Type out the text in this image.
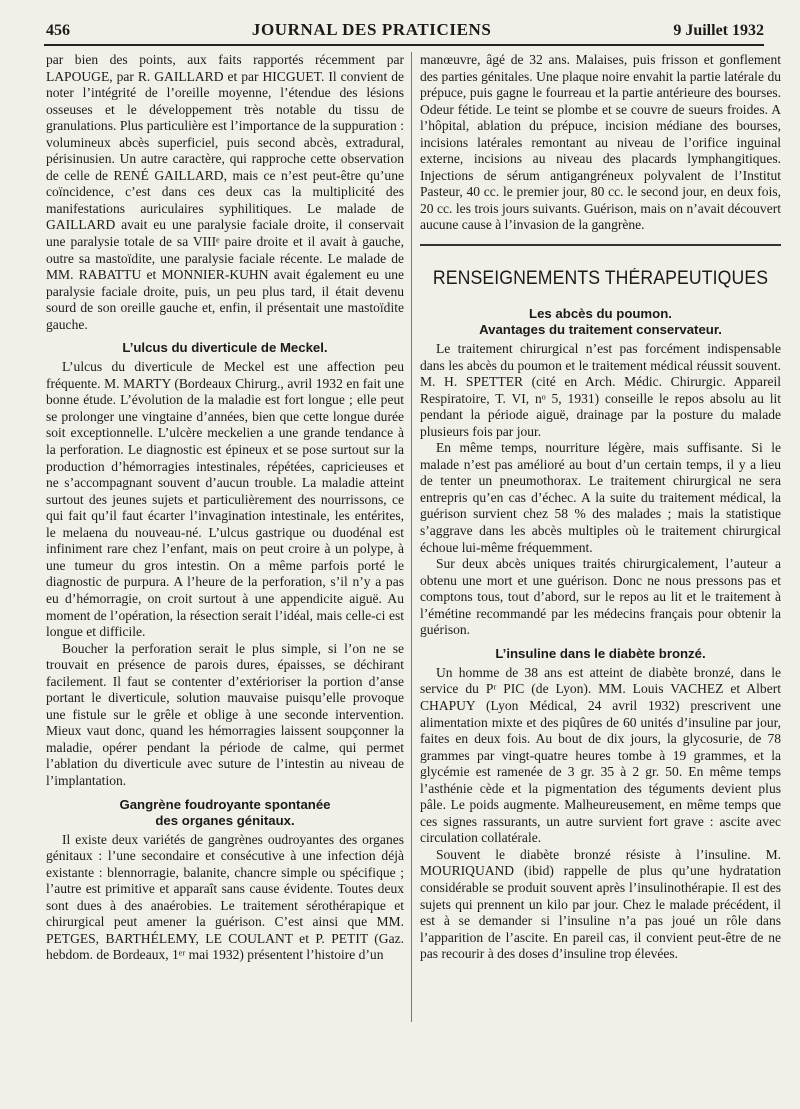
456	JOURNAL DES PRATICIENS	9 Juillet 1932

par bien des points, aux faits rapportés récemment par LAPOUGE, par R. GAILLARD et par HICGUET. Il convient de noter l’intégrité de l’oreille moyenne, l’étendue des lésions osseuses et le développement très notable du tissu de granulations. Plus particulière est l’importance de la suppuration : volumineux abcès superficiel, puis second abcès, extradural, périsinusien. Un autre caractère, qui rapproche cette observation de celle de RENÉ GAILLARD, mais ce n’est peut-être qu’une coïncidence, c’est dans ces deux cas la multiplicité des manifestations auriculaires syphilitiques. Le malade de GAILLARD avait eu une paralysie faciale droite, il conservait une paralysie totale de sa VIIIᵉ paire droite et il avait à gauche, outre sa mastoïdite, une paralysie faciale récente. Le malade de MM. RABATTU et MONNIER-KUHN avait également eu une paralysie faciale droite, puis, un peu plus tard, il était devenu sourd de son oreille gauche et, enfin, il présentait une mastoïdite gauche.

L’ulcus du diverticule de Meckel.

L’ulcus du diverticule de Meckel est une affection peu fréquente. M. MARTY (Bordeaux Chirurg., avril 1932 en fait une bonne étude. L’évolution de la maladie est fort longue ; elle peut se prolonger une vingtaine d’années, bien que cette longue durée soit exceptionnelle. L’ulcère meckelien a une grande tendance à la perforation. Le diagnostic est épineux et se pose surtout sur la production d’hémorragies intestinales, répétées, capricieuses et ne s’accompagnant souvent d’aucun trouble. La maladie atteint surtout des jeunes sujets et particulièrement des nourrissons, ce qui fait qu’il faut écarter l’invagination intestinale, les entérites, le melaena du nouveau-né. L’ulcus gastrique ou duodénal est infiniment rare chez l’enfant, mais on peut croire à un polype, à une tumeur du gros intestin. On a même parfois porté le diagnostic de purpura. A l’heure de la perforation, s’il n’y a pas eu d’hémorragie, on croit surtout à une appendicite aiguë. Au moment de l’opération, la résection serait l’idéal, mais celle-ci est longue et difficile.

Boucher la perforation serait le plus simple, si l’on ne se trouvait en présence de parois dures, épaisses, se déchirant facilement. Il faut se contenter d’extérioriser la portion d’anse portant le diverticule, solution mauvaise puisqu’elle provoque une fistule sur le grêle et oblige à une seconde intervention. Mieux vaut donc, quand les hémorragies laissent soupçonner la maladie, opérer pendant la période de calme, qui permet l’ablation du diverticule avec suture de l’intestin au niveau de l’implantation.

Gangrène foudroyante spontanée
des organes génitaux.

Il existe deux variétés de gangrènes oudroyantes des organes génitaux : l’une secondaire et consécutive à une infection déjà existante : blennorragie, balanite, chancre simple ou spécifique ; l’autre est primitive et apparaît sans cause évidente. Toutes deux sont dues à des anaérobies. Le traitement sérothérapique et chirurgical peut amener la guérison. C’est ainsi que MM. PETGES, BARTHÉLEMY, LE COULANT et P. PETIT (Gaz. hebdom. de Bordeaux, 1ᵉʳ mai 1932) présentent l’histoire d’un

manœuvre, âgé de 32 ans. Malaises, puis frisson et gonflement des parties génitales. Une plaque noire envahit la partie latérale du prépuce, puis gagne le fourreau et la partie antérieure des bourses. Odeur fétide. Le teint se plombe et se couvre de sueurs froides. A l’hôpital, ablation du prépuce, incision médiane des bourses, incisions latérales remontant au niveau de l’orifice inguinal externe, incisions au niveau des placards lymphangitiques. Injections de sérum antigangréneux polyvalent de l’Institut Pasteur, 40 cc. le premier jour, 80 cc. le second jour, en deux fois, 20 cc. les trois jours suivants. Guérison, mais on n’avait découvert aucune cause à l’invasion de la gangrène.

RENSEIGNEMENTS THÉRAPEUTIQUES
Les abcès du poumon.
Avantages du traitement conservateur.

Le traitement chirurgical n’est pas forcément indispensable dans les abcès du poumon et le traitement médical réussit souvent. M. H. SPETTER (cité en Arch. Médic. Chirurgic. Appareil Respiratoire, T. VI, nᵒ 5, 1931) conseille le repos absolu au lit pendant la période aiguë, drainage par la posture du malade plusieurs fois par jour.

En même temps, nourriture légère, mais suffisante. Si le malade n’est pas amélioré au bout d’un certain temps, il y a lieu de tenter un pneumothorax. Le traitement chirurgical ne sera entrepris qu’en cas d’échec. A la suite du traitement médical, la guérison survient chez 58 % des malades ; mais la statistique s’aggrave dans les abcès multiples où le traitement chirurgical échoue lui-même fréquemment.

Sur deux abcès uniques traités chirurgicalement, l’auteur a obtenu une mort et une guérison. Donc ne nous pressons pas et comptons tous, tout d’abord, sur le repos au lit et le traitement à l’émétine recommandé par les médecins français pour obtenir la guérison.

L’insuline dans le diabète bronzé.

Un homme de 38 ans est atteint de diabète bronzé, dans le service du Pʳ PIC (de Lyon). MM. Louis VACHEZ et Albert CHAPUY (Lyon Médical, 24 avril 1932) prescrivent une alimentation mixte et des piqûres de 60 unités d’insuline par jour, faites en deux fois. Au bout de dix jours, la glycosurie, de 78 grammes par vingt-quatre heures tombe à 19 grammes, et la glycémie est ramenée de 3 gr. 35 à 2 gr. 50. En même temps l’asthénie cède et la pigmentation des téguments devient plus pâle. Le poids augmente. Malheureusement, en même temps que ces signes rassurants, un autre survient fort grave : ascite avec circulation collatérale.

Souvent le diabète bronzé résiste à l’insuline. M. MOURIQUAND (ibid) rappelle de plus qu’une hydratation considérable se produit souvent après l’insulinothérapie. Il est des sujets qui prennent un kilo par jour. Chez le malade précédent, il est à se demander si l’insuline n’a pas joué un rôle dans l’apparition de l’ascite. En pareil cas, il convient peut-être de ne pas recourir à des doses d’insuline trop élevées.
